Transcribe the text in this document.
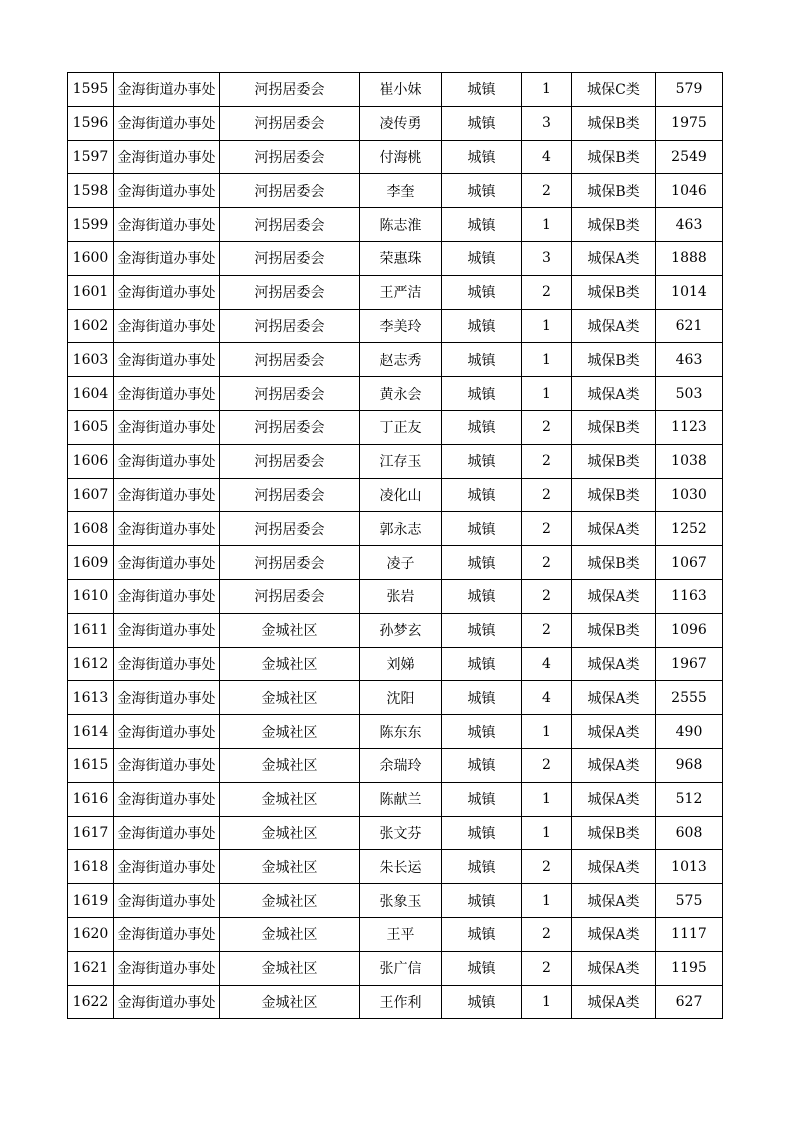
1595	金海街道办事处	河拐居委会	崔小妹	城镇	1	城保C类	579
1596	金海街道办事处	河拐居委会	凌传勇	城镇	3	城保B类	1975
1597	金海街道办事处	河拐居委会	付海桃	城镇	4	城保B类	2549
1598	金海街道办事处	河拐居委会	李奎	城镇	2	城保B类	1046
1599	金海街道办事处	河拐居委会	陈志淮	城镇	1	城保B类	463
1600	金海街道办事处	河拐居委会	荣惠珠	城镇	3	城保A类	1888
1601	金海街道办事处	河拐居委会	王严洁	城镇	2	城保B类	1014
1602	金海街道办事处	河拐居委会	李美玲	城镇	1	城保A类	621
1603	金海街道办事处	河拐居委会	赵志秀	城镇	1	城保B类	463
1604	金海街道办事处	河拐居委会	黄永会	城镇	1	城保A类	503
1605	金海街道办事处	河拐居委会	丁正友	城镇	2	城保B类	1123
1606	金海街道办事处	河拐居委会	江存玉	城镇	2	城保B类	1038
1607	金海街道办事处	河拐居委会	凌化山	城镇	2	城保B类	1030
1608	金海街道办事处	河拐居委会	郭永志	城镇	2	城保A类	1252
1609	金海街道办事处	河拐居委会	凌子	城镇	2	城保B类	1067
1610	金海街道办事处	河拐居委会	张岩	城镇	2	城保A类	1163
1611	金海街道办事处	金城社区	孙梦玄	城镇	2	城保B类	1096
1612	金海街道办事处	金城社区	刘娣	城镇	4	城保A类	1967
1613	金海街道办事处	金城社区	沈阳	城镇	4	城保A类	2555
1614	金海街道办事处	金城社区	陈东东	城镇	1	城保A类	490
1615	金海街道办事处	金城社区	余瑞玲	城镇	2	城保A类	968
1616	金海街道办事处	金城社区	陈献兰	城镇	1	城保A类	512
1617	金海街道办事处	金城社区	张文芬	城镇	1	城保B类	608
1618	金海街道办事处	金城社区	朱长运	城镇	2	城保A类	1013
1619	金海街道办事处	金城社区	张象玉	城镇	1	城保A类	575
1620	金海街道办事处	金城社区	王平	城镇	2	城保A类	1117
1621	金海街道办事处	金城社区	张广信	城镇	2	城保A类	1195
1622	金海街道办事处	金城社区	王作利	城镇	1	城保A类	627
